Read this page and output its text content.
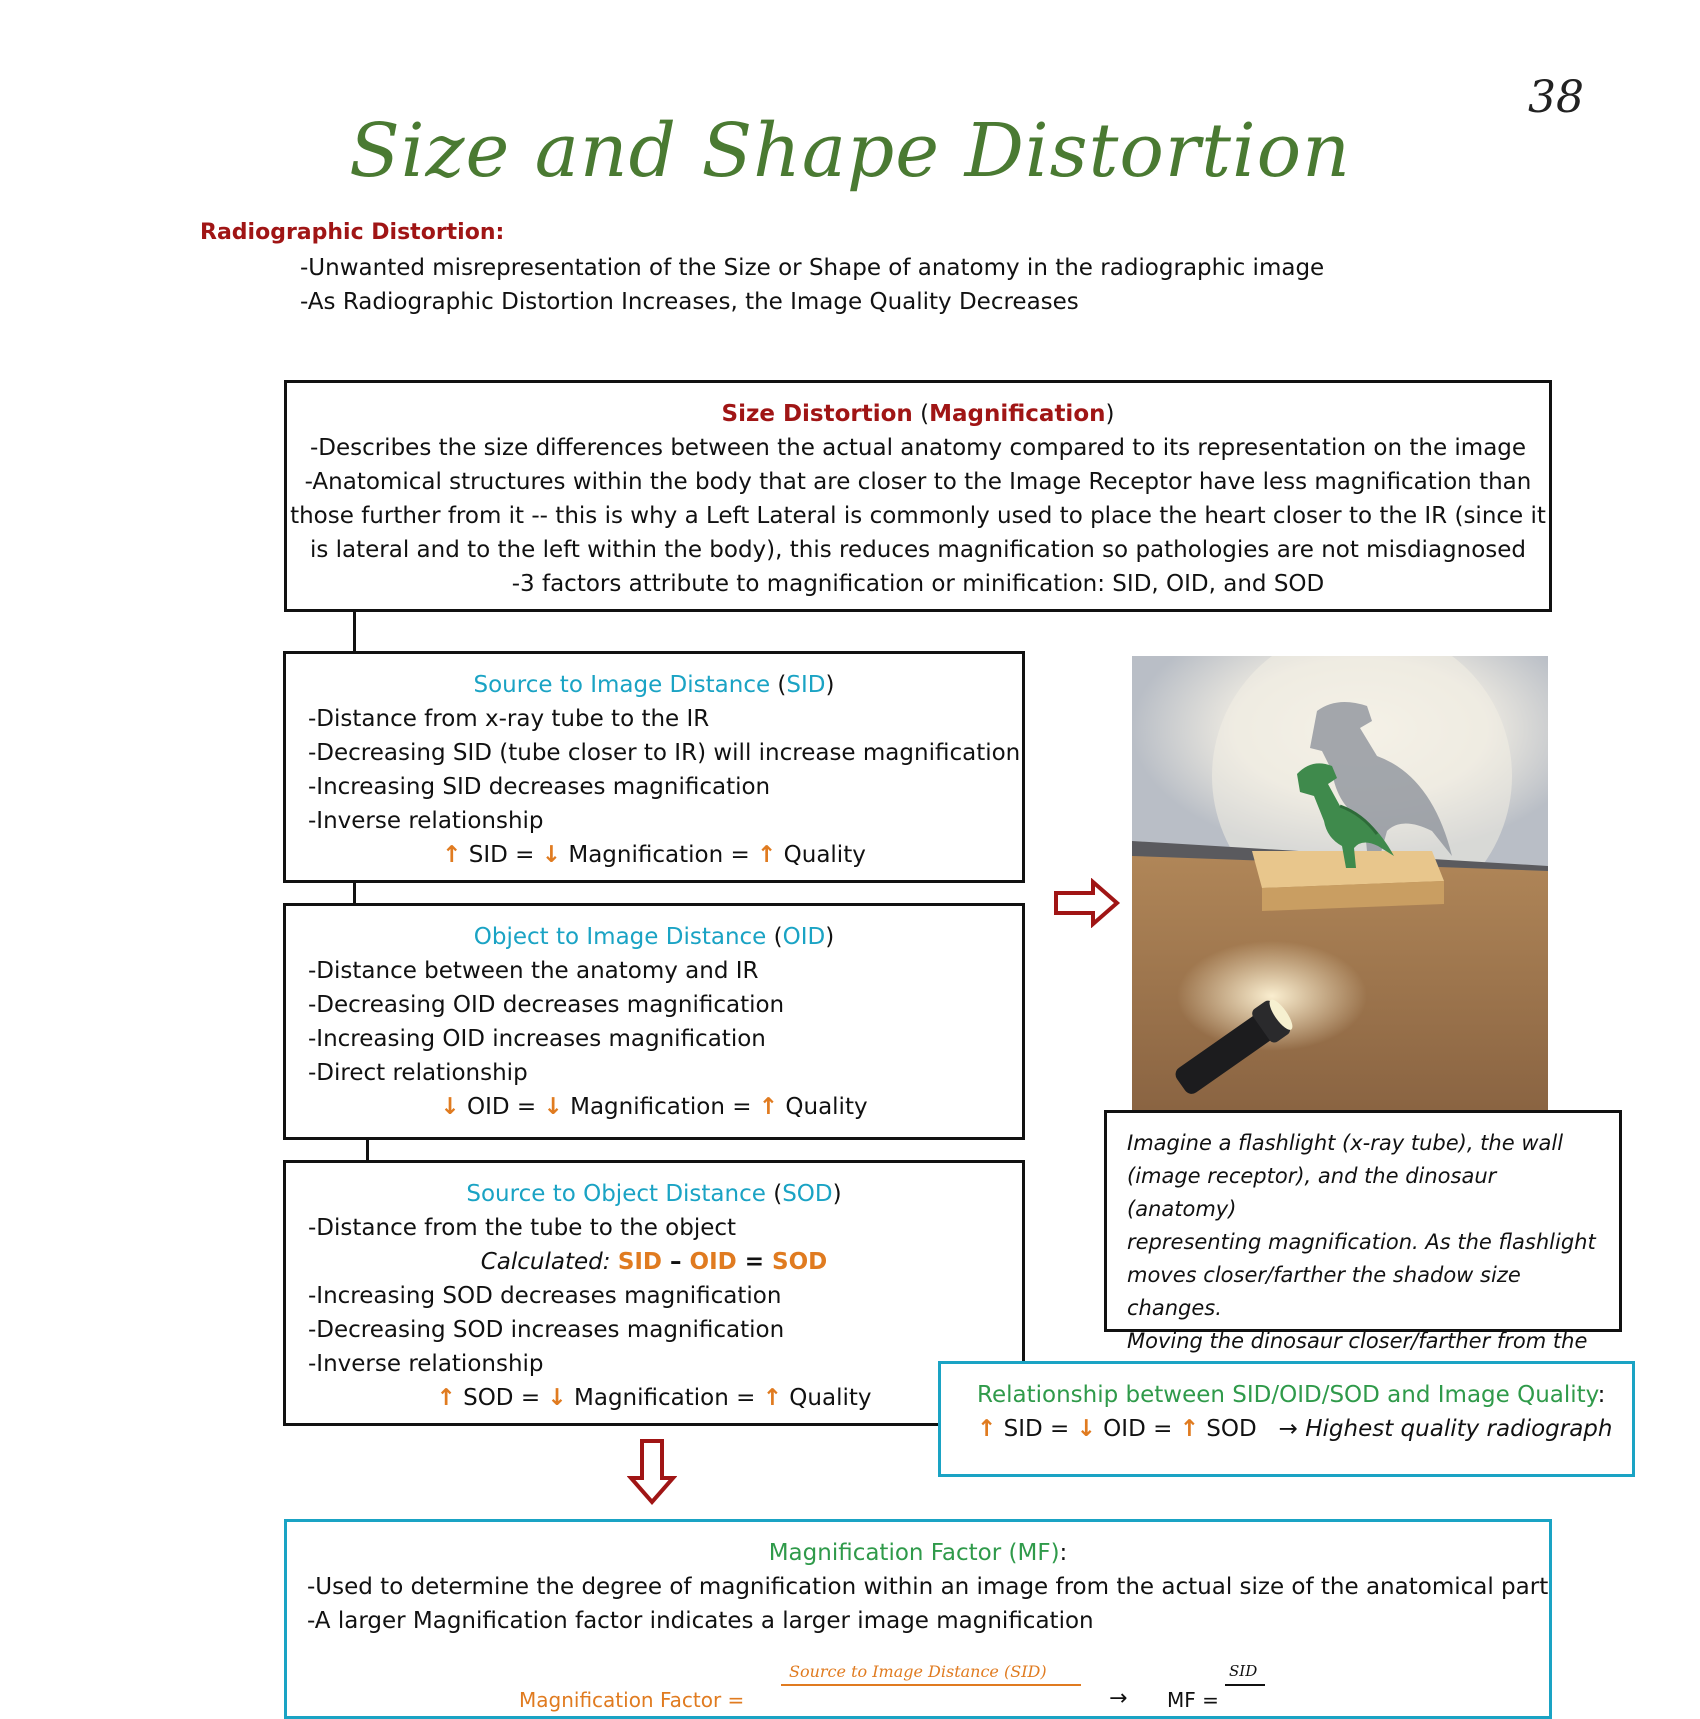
38
Size and Shape Distortion
Radiographic Distortion:
-Unwanted misrepresentation of the Size or Shape of anatomy in the radiographic image
-As Radiographic Distortion Increases, the Image Quality Decreases
Size Distortion (Magnification)
-Describes the size differences between the actual anatomy compared to its representation on the image
-Anatomical structures within the body that are closer to the Image Receptor have less magnification than
those further from it -- this is why a Left Lateral is commonly used to place the heart closer to the IR (since it
is lateral and to the left within the body), this reduces magnification so pathologies are not misdiagnosed
-3 factors attribute to magnification or minification: SID, OID, and SOD
Source to Image Distance (SID)
-Distance from x-ray tube to the IR
-Decreasing SID (tube closer to IR) will increase magnification
-Increasing SID decreases magnification
-Inverse relationship
↑ SID = ↓ Magnification = ↑ Quality
Object to Image Distance (OID)
-Distance between the anatomy and IR
-Decreasing OID decreases magnification
-Increasing OID increases magnification
-Direct relationship
↓ OID = ↓ Magnification = ↑ Quality
Source to Object Distance (SOD)
-Distance from the tube to the object
Calculated: SID – OID = SOD
-Increasing SOD decreases magnification
-Decreasing SOD increases magnification
-Inverse relationship
↑ SOD = ↓ Magnification = ↑ Quality
Imagine a flashlight (x-ray tube), the wall
(image receptor), and the dinosaur (anatomy)
representing magnification. As the flashlight
moves closer/farther the shadow size changes.
Moving the dinosaur closer/farther from the
Relationship between SID/OID/SOD and Image Quality:
↑ SID = ↓ OID = ↑ SOD   → Highest quality radiograph
Magnification Factor (MF):
-Used to determine the degree of magnification within an image from the actual size of the anatomical part
-A larger Magnification factor indicates a larger image magnification
Magnification Factor =
Source to Image Distance (SID)
→ MF =
SID
